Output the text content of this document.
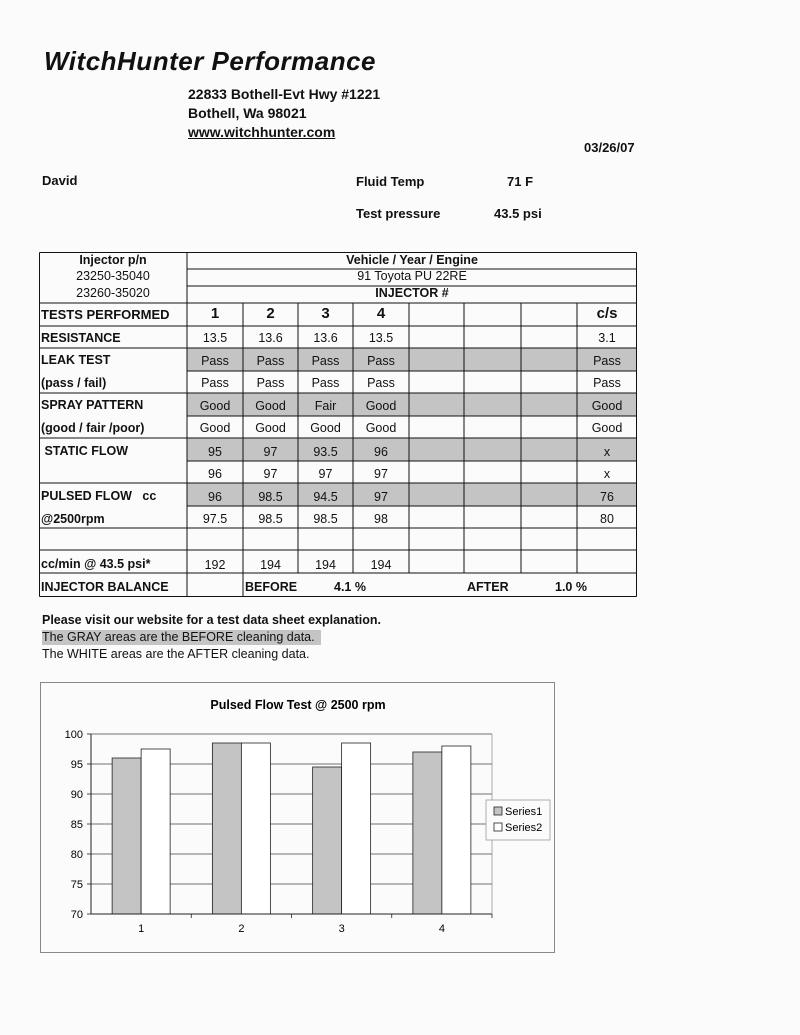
WitchHunter Performance
22833 Bothell-Evt Hwy #1221
Bothell, Wa 98021
www.witchhunter.com
03/26/07
David	Fluid Temp	71 F
Test pressure	43.5 psi
Injector p/n
23250-35040
23260-35020
Vehicle / Year / Engine
91 Toyota PU 22RE
INJECTOR #
TESTS PERFORMED	1	2	3	4	c/s
RESISTANCE	13.5	13.6	13.6	13.5	3.1
LEAK TEST	Pass	Pass	Pass	Pass	Pass
(pass / fail)	Pass	Pass	Pass	Pass	Pass
SPRAY PATTERN	Good	Good	Fair	Good	Good
(good / fair /poor)	Good	Good	Good	Good	Good
STATIC FLOW	95	97	93.5	96	x
96	97	97	97	x
PULSED FLOW   cc	96	98.5	94.5	97	76
@2500rpm	97.5	98.5	98.5	98	80
cc/min @ 43.5 psi*	192	194	194	194
INJECTOR BALANCE	BEFORE	4.1 %	AFTER	1.0 %
Please visit our website for a test data sheet explanation.
The GRAY areas are the BEFORE cleaning data.
The WHITE areas are the AFTER cleaning data.
Pulsed Flow Test @ 2500 rpm
70
75
80
85
90
95
100
1	2	3	4
Series1
Series2
